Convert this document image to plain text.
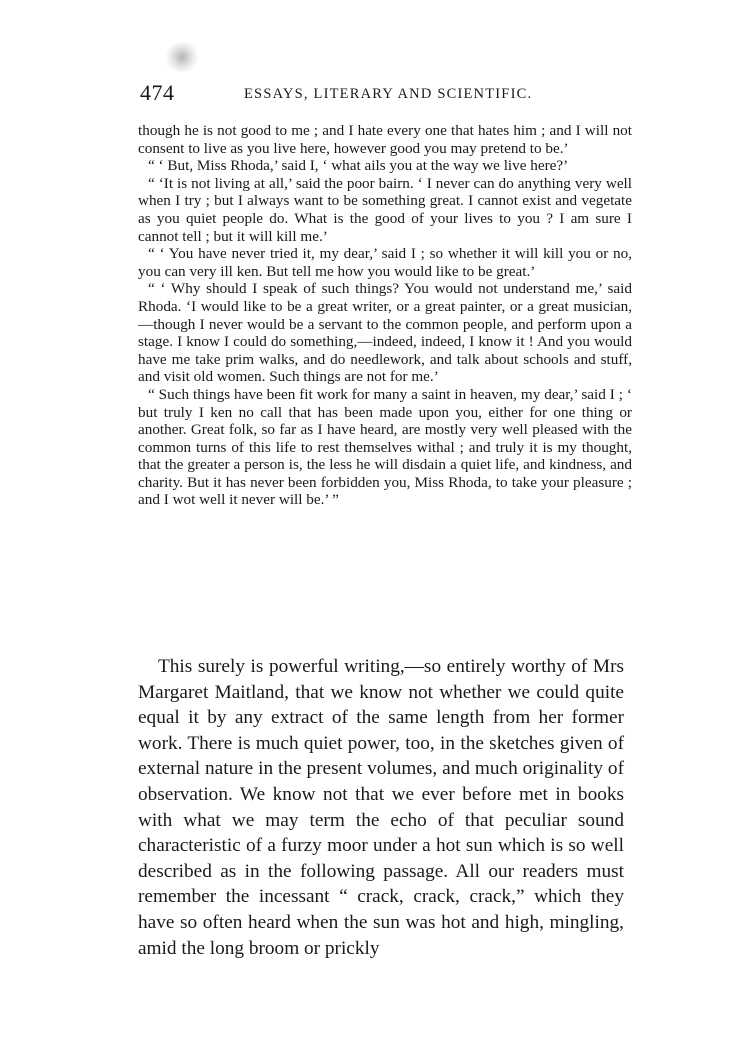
474	ESSAYS, LITERARY AND SCIENTIFIC.

though he is not good to me ; and I hate every one that hates him ; and I will not consent to live as you live here, however good you may pretend to be.’

“ ‘ But, Miss Rhoda,’ said I, ‘ what ails you at the way we live here?’

“ ‘It is not living at all,’ said the poor bairn. ‘ I never can do anything very well when I try ; but I always want to be something great. I cannot exist and vegetate as you quiet people do. What is the good of your lives to you ? I am sure I cannot tell ; but it will kill me.’

“ ‘ You have never tried it, my dear,’ said I ; so whether it will kill you or no, you can very ill ken. But tell me how you would like to be great.’

“ ‘ Why should I speak of such things? You would not understand me,’ said Rhoda. ‘I would like to be a great writer, or a great painter, or a great musician,—though I never would be a servant to the common people, and perform upon a stage. I know I could do something,—indeed, indeed, I know it ! And you would have me take prim walks, and do needlework, and talk about schools and stuff, and visit old women. Such things are not for me.’

“ Such things have been fit work for many a saint in heaven, my dear,’ said I ; ‘ but truly I ken no call that has been made upon you, either for one thing or another. Great folk, so far as I have heard, are mostly very well pleased with the common turns of this life to rest themselves withal ; and truly it is my thought, that the greater a person is, the less he will disdain a quiet life, and kindness, and charity. But it has never been forbidden you, Miss Rhoda, to take your pleasure ; and I wot well it never will be.’ ”

This surely is powerful writing,—so entirely worthy of Mrs Margaret Maitland, that we know not whether we could quite equal it by any extract of the same length from her former work. There is much quiet power, too, in the sketches given of external nature in the present volumes, and much originality of observation. We know not that we ever before met in books with what we may term the echo of that peculiar sound characteristic of a furzy moor under a hot sun which is so well described as in the following passage. All our readers must remember the incessant “ crack, crack, crack,” which they have so often heard when the sun was hot and high, mingling, amid the long broom or prickly
